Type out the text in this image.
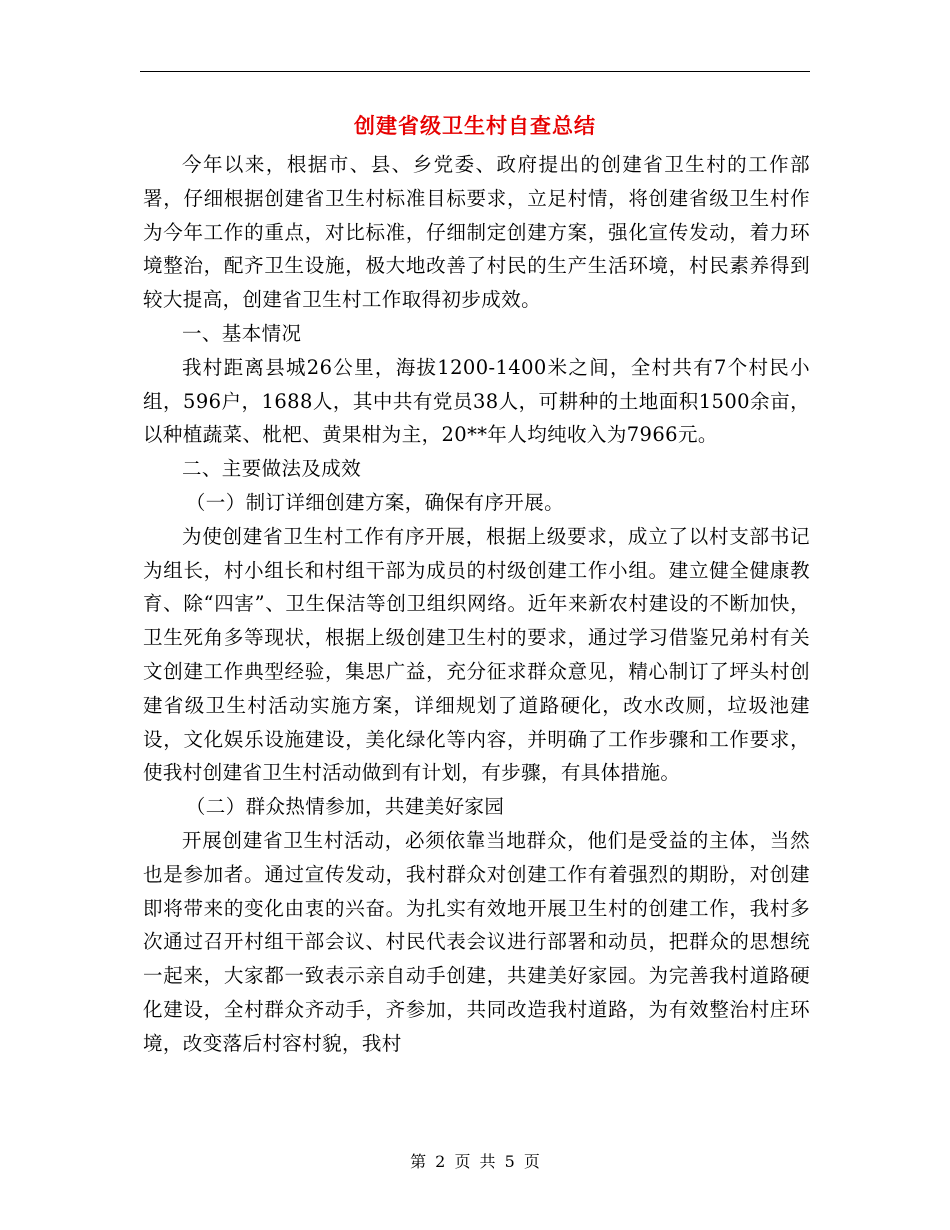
创建省级卫生村自查总结

今年以来，根据市、县、乡党委、政府提出的创建省卫生村的工作部署，仔细根据创建省卫生村标准目标要求，立足村情，将创建省级卫生村作为今年工作的重点，对比标准，仔细制定创建方案，强化宣传发动，着力环境整治，配齐卫生设施，极大地改善了村民的生产生活环境，村民素养得到较大提高，创建省卫生村工作取得初步成效。

一、基本情况

我村距离县城26公里，海拔1200-1400米之间，全村共有7个村民小组，596户，1688人，其中共有党员38人，可耕种的土地面积1500余亩，以种植蔬菜、枇杷、黄果柑为主，20**年人均纯收入为7966元。

二、主要做法及成效

（一）制订详细创建方案，确保有序开展。

为使创建省卫生村工作有序开展，根据上级要求，成立了以村支部书记为组长，村小组长和村组干部为成员的村级创建工作小组。建立健全健康教育、除“四害”、卫生保洁等创卫组织网络。近年来新农村建设的不断加快，卫生死角多等现状，根据上级创建卫生村的要求，通过学习借鉴兄弟村有关文创建工作典型经验，集思广益，充分征求群众意见，精心制订了坪头村创建省级卫生村活动实施方案，详细规划了道路硬化，改水改厕，垃圾池建设，文化娱乐设施建设，美化绿化等内容，并明确了工作步骤和工作要求，使我村创建省卫生村活动做到有计划，有步骤，有具体措施。

（二）群众热情参加，共建美好家园

开展创建省卫生村活动，必须依靠当地群众，他们是受益的主体，当然也是参加者。通过宣传发动，我村群众对创建工作有着强烈的期盼，对创建即将带来的变化由衷的兴奋。为扎实有效地开展卫生村的创建工作，我村多次通过召开村组干部会议、村民代表会议进行部署和动员，把群众的思想统一起来，大家都一致表示亲自动手创建，共建美好家园。为完善我村道路硬化建设，全村群众齐动手，齐参加，共同改造我村道路，为有效整治村庄环境，改变落后村容村貌，我村

第 2 页 共 5 页
